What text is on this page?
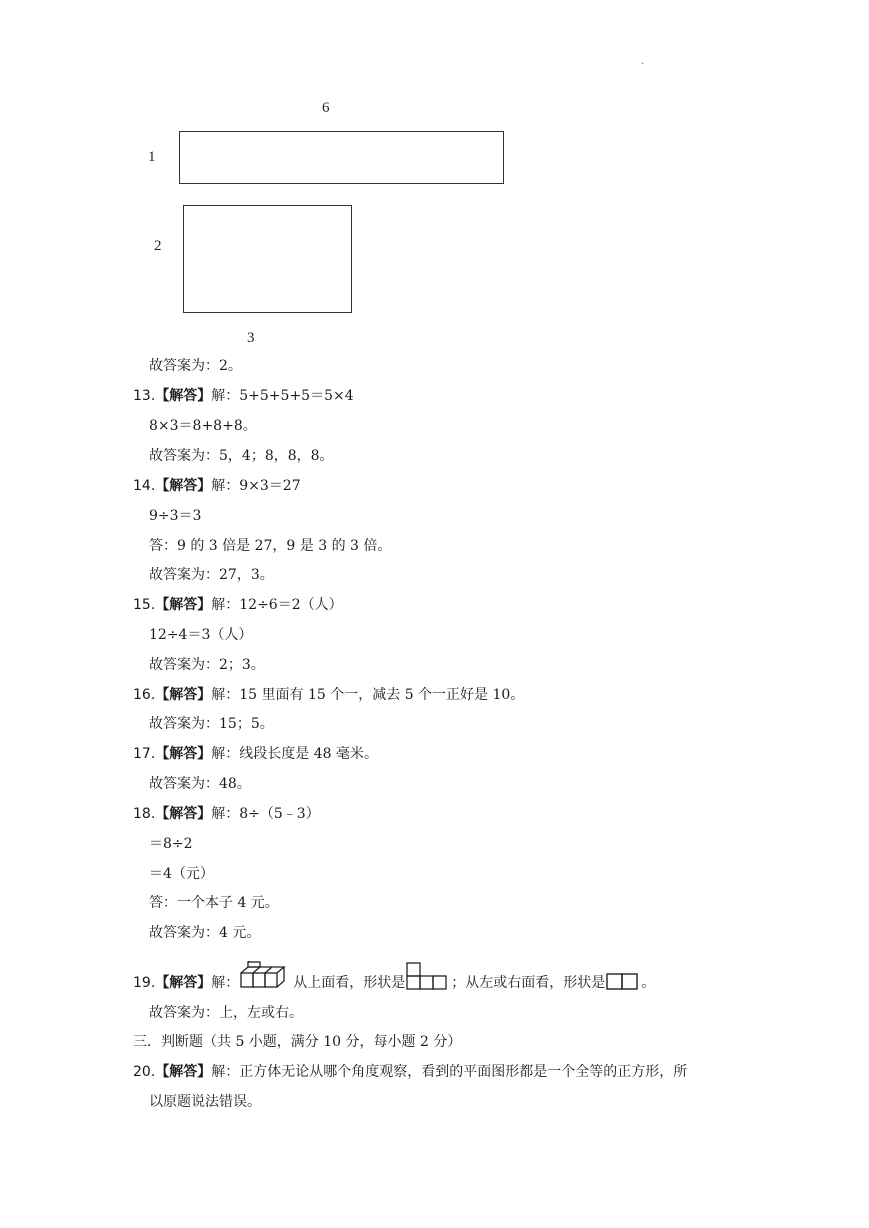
.
6
1
2
3
故答案为：2。
13.【解答】解：5+5+5+5＝5×4
8×3＝8+8+8。
故答案为：5，4；8，8，8。
14.【解答】解：9×3＝27
9÷3＝3
答：9 的 3 倍是 27，9 是 3 的 3 倍。
故答案为：27，3。
15.【解答】解：12÷6＝2（人）
12÷4＝3（人）
故答案为：2；3。
16.【解答】解：15 里面有 15 个一，减去 5 个一正好是 10。
故答案为：15；5。
17.【解答】解：线段长度是 48 毫米。
故答案为：48。
18.【解答】解：8÷（5﹣3）
＝8÷2
＝4（元）
答：一个本子 4 元。
故答案为：4 元。
19.【解答】解：	从上面看，形状是	；从左或右面看，形状是	。
故答案为：上，左或右。
三．判断题（共 5 小题，满分 10 分，每小题 2 分）
20.【解答】解：正方体无论从哪个角度观察，看到的平面图形都是一个全等的正方形，所
以原题说法错误。
